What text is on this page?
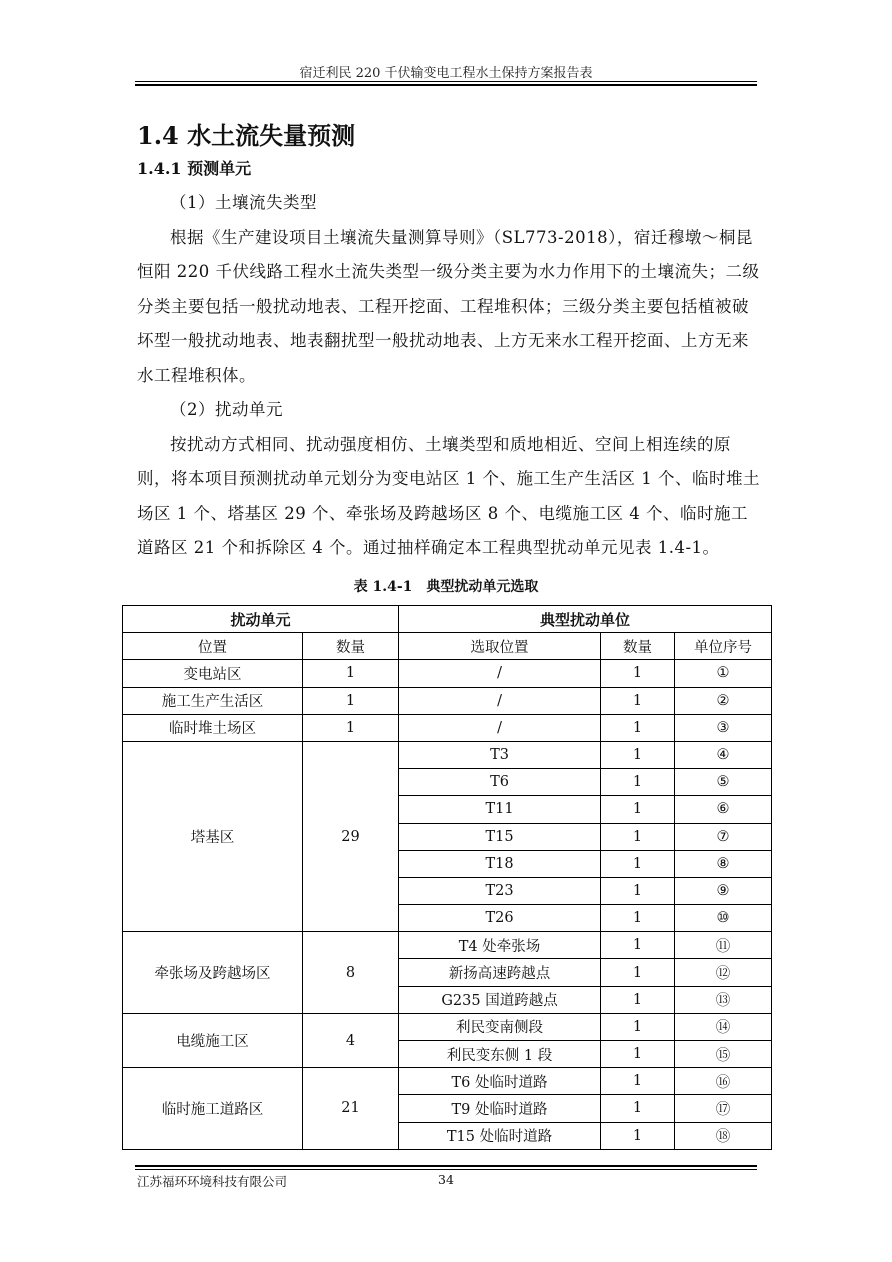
宿迁利民 220 千伏输变电工程水土保持方案报告表
1.4 水土流失量预测
1.4.1 预测单元

（1）土壤流失类型

根据《生产建设项目土壤流失量测算导则》（SL773-2018），宿迁穆墩～桐昆恒阳 220 千伏线路工程水土流失类型一级分类主要为水力作用下的土壤流失；二级分类主要包括一般扰动地表、工程开挖面、工程堆积体；三级分类主要包括植被破坏型一般扰动地表、地表翻扰型一般扰动地表、上方无来水工程开挖面、上方无来水工程堆积体。

（2）扰动单元

按扰动方式相同、扰动强度相仿、土壤类型和质地相近、空间上相连续的原则，将本项目预测扰动单元划分为变电站区 1 个、施工生产生活区 1 个、临时堆土场区 1 个、塔基区 29 个、牵张场及跨越场区 8 个、电缆施工区 4 个、临时施工道路区 21 个和拆除区 4 个。通过抽样确定本工程典型扰动单元见表 1.4-1。

表 1.4-1　典型扰动单元选取
扰动单元		典型扰动单位		
位置	数量	选取位置	数量	单位序号
变电站区	1	/	1	①
施工生产生活区	1	/	1	②
临时堆土场区	1	/	1	③
塔基区	29	T3	1	④
		T6	1	⑤
		T11	1	⑥
		T15	1	⑦
		T18	1	⑧
		T23	1	⑨
		T26	1	⑩
牵张场及跨越场区	8	T4 处牵张场	1	⑪
		新扬高速跨越点	1	⑫
		G235 国道跨越点	1	⑬
电缆施工区	4	利民变南侧段	1	⑭
		利民变东侧 1 段	1	⑮
临时施工道路区	21	T6 处临时道路	1	⑯
		T9 处临时道路	1	⑰
		T15 处临时道路	1	⑱
江苏福环环境科技有限公司	34
